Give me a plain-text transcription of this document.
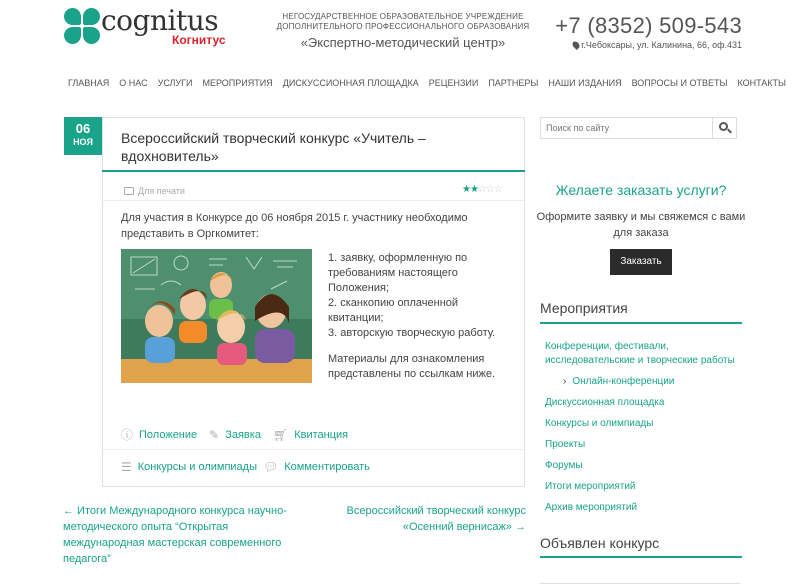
cognitus
Когнитус
НЕГОСУДАРСТВЕННОЕ ОБРАЗОВАТЕЛЬНОЕ УЧРЕЖДЕНИЕ
ДОПОЛНИТЕЛЬНОГО ПРОФЕССИОНАЛЬНОГО ОБРАЗОВАНИЯ
«Экспертно-методический центр»
+7 (8352) 509-543
г.Чебоксары, ул. Калинина, 66, оф.431
ГЛАВНАЯ	О НАС	УСЛУГИ	МЕРОПРИЯТИЯ	ДИСКУССИОННАЯ ПЛОЩАДКА	РЕЦЕНЗИИ	ПАРТНЕРЫ	НАШИ ИЗДАНИЯ	ВОПРОСЫ И ОТВЕТЫ	КОНТАКТЫ
06
НОЯ	Всероссийский творческий конкурс «Учитель – вдохновитель»
Для печати	★★☆☆☆

Для участия в Конкурсе до 06 ноября 2015 г. участнику необходимо представить в Оргкомитет:

1. заявку, оформленную по требованиям настоящего Положения;
2. сканкопию оплаченной квитанции;
3. авторскую творческую работу.

Материалы для ознакомления представлены по ссылкам ниже.

ⓘ Положение ✎ Заявка 🛒︎ Квитанция
☰ Конкурсы и олимпиады 💬︎ Комментировать
← Итоги Международного конкурса научно-методического опыта “Открытая международная мастерская современного педагога”
Всероссийский творческий конкурс «Осенний вернисаж» →
Поиск по сайту
Желаете заказать услуги?
Оформите заявку и мы свяжемся с вами для заказа
Заказать
Мероприятия
Конференции, фестивали, исследовательские и творческие работы
› Онлайн-конференции
Дискуссионная площадка
Конкурсы и олимпиады
Проекты
Форумы
Итоги мероприятий
Архив мероприятий
Объявлен конкурс
